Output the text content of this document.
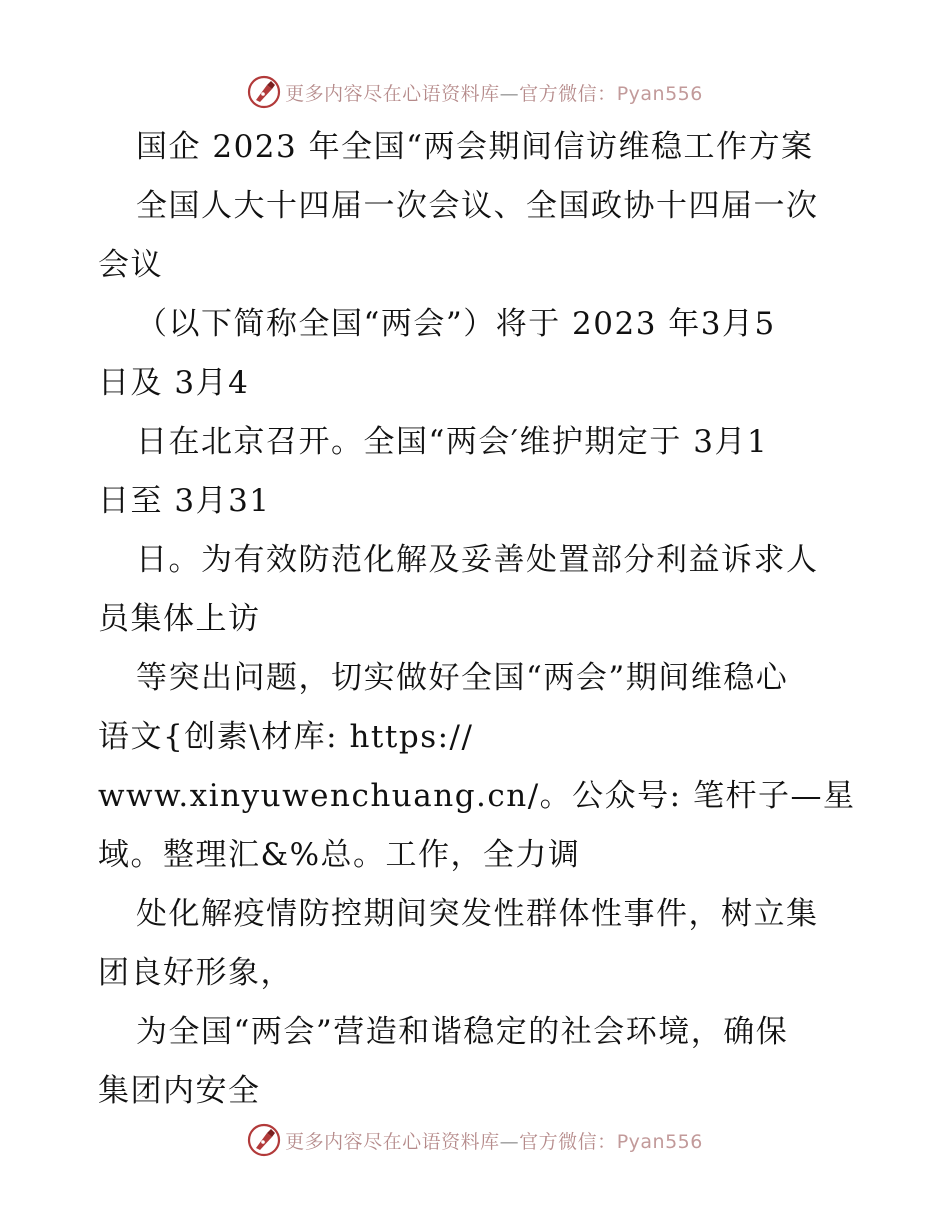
更多内容尽在心语资料库—官方微信：Pyan556
国企 2023 年全国“两会期间信访维稳工作方案
全国人大十四届一次会议、全国政协十四届一次
会议
（以下简称全国“两会”）将于 2023 年3月5
日及 3月4
日在北京召开。全国“两会′维护期定于 3月1
日至 3月31
日。为有效防范化解及妥善处置部分利益诉求人
员集体上访
等突出问题，切实做好全国“两会”期间维稳心
语文{创素\材库: https://
www.xinyuwenchuang.cn/。公众号: 笔杆子—星
域。整理汇&%总。工作，全力调
处化解疫情防控期间突发性群体性事件，树立集
团良好形象，
为全国“两会”营造和谐稳定的社会环境，确保
集团内安全
更多内容尽在心语资料库—官方微信：Pyan556
